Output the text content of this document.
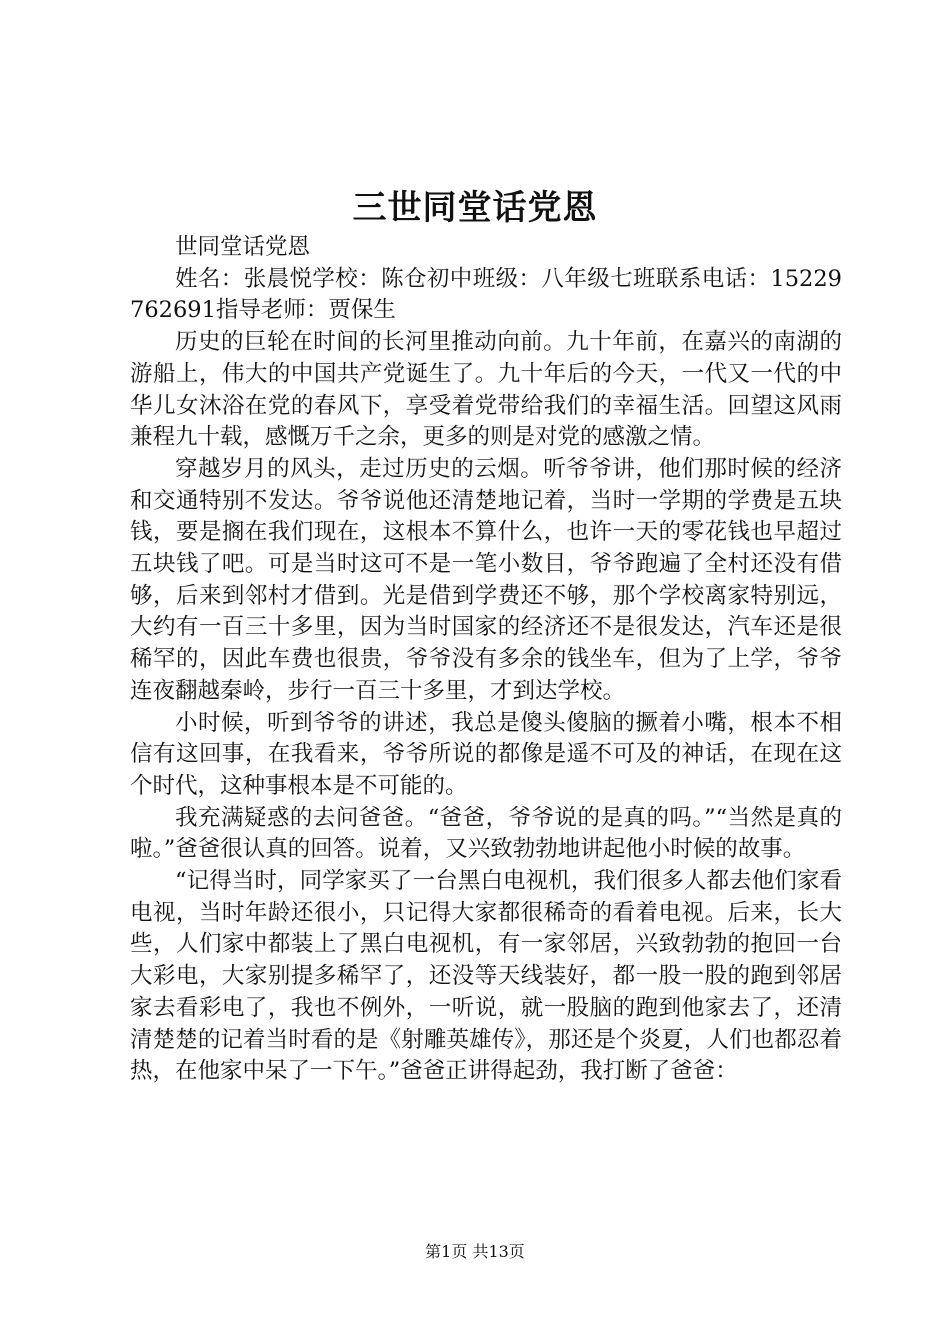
三世同堂话党恩

世同堂话党恩

姓名：张晨悦学校：陈仓初中班级：八年级七班联系电话：15229762691指导老师：贾保生

历史的巨轮在时间的长河里推动向前。九十年前，在嘉兴的南湖的游船上，伟大的中国共产党诞生了。九十年后的今天，一代又一代的中华儿女沐浴在党的春风下，享受着党带给我们的幸福生活。回望这风雨兼程九十载，感慨万千之余，更多的则是对党的感激之情。

穿越岁月的风头，走过历史的云烟。听爷爷讲，他们那时候的经济和交通特别不发达。爷爷说他还清楚地记着，当时一学期的学费是五块钱，要是搁在我们现在，这根本不算什么，也许一天的零花钱也早超过五块钱了吧。可是当时这可不是一笔小数目，爷爷跑遍了全村还没有借够，后来到邻村才借到。光是借到学费还不够，那个学校离家特别远，大约有一百三十多里，因为当时国家的经济还不是很发达，汽车还是很稀罕的，因此车费也很贵，爷爷没有多余的钱坐车，但为了上学，爷爷连夜翻越秦岭，步行一百三十多里，才到达学校。

小时候，听到爷爷的讲述，我总是傻头傻脑的撅着小嘴，根本不相信有这回事，在我看来，爷爷所说的都像是遥不可及的神话，在现在这个时代，这种事根本是不可能的。

我充满疑惑的去问爸爸。“爸爸，爷爷说的是真的吗。”“当然是真的啦。”爸爸很认真的回答。说着，又兴致勃勃地讲起他小时候的故事。

“记得当时，同学家买了一台黑白电视机，我们很多人都去他们家看电视，当时年龄还很小，只记得大家都很稀奇的看着电视。后来，长大些，人们家中都装上了黑白电视机，有一家邻居，兴致勃勃的抱回一台大彩电，大家别提多稀罕了，还没等天线装好，都一股一股的跑到邻居家去看彩电了，我也不例外，一听说，就一股脑的跑到他家去了，还清清楚楚的记着当时看的是《射雕英雄传》，那还是个炎夏，人们也都忍着热，在他家中呆了一下午。”爸爸正讲得起劲，我打断了爸爸：

第1页 共13页
